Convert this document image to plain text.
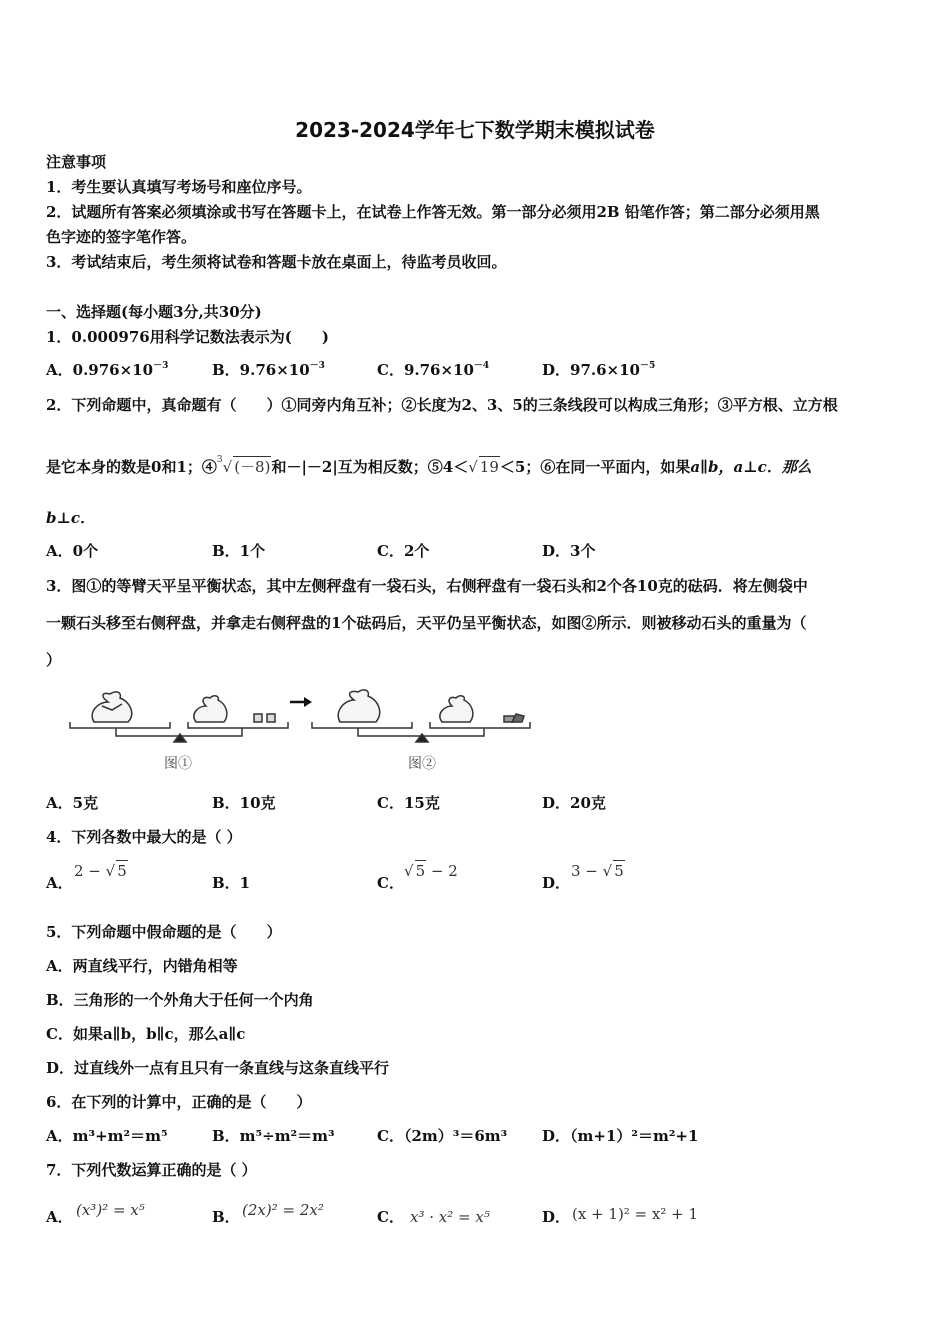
2023-2024学年七下数学期末模拟试卷
注意事项
1．考生要认真填写考场号和座位序号。
2．试题所有答案必须填涂或书写在答题卡上，在试卷上作答无效。第一部分必须用2B 铅笔作答；第二部分必须用黑
色字迹的签字笔作答。
3．考试结束后，考生须将试卷和答题卡放在桌面上，待监考员收回。
一、选择题(每小题3分,共30分)
1．0.000976用科学记数法表示为(　　)
A．$0.976\times 10^{-3}$	B．$9.76\times 10^{-3}$	C．$9.76\times 10^{-4}$	D．$97.6\times 10^{-5}$
2．下列命题中，真命题有（　　）①同旁内角互补；②长度为2、3、5的三条线段可以构成三角形；③平方根、立方根
是它本身的数是0和1；④$^3$√ (－8)和－|－2|互为相反数；⑤4＜√ 19＜5；⑥在同一平面内，如果a∥b，a⊥c．那么
b⊥c．
A．0个	B．1个	C．2个	D．3个
3．图①的等臂天平呈平衡状态，其中左侧秤盘有一袋石头，右侧秤盘有一袋石头和2个各10克的砝码．将左侧袋中
一颗石头移至右侧秤盘，并拿走右侧秤盘的1个砝码后，天平仍呈平衡状态，如图②所示．则被移动石头的重量为（
）
图①	图②
A．5克	B．10克	C．15克	D．20克
4．下列各数中最大的是（ ）
A．
2 − √ 5
B．1	C．
√ 5 − 2
D．
3 − √ 5
5．下列命题中假命题的是（　　）
A．两直线平行，内错角相等
B．三角形的一个外角大于任何一个内角
C．如果a∥b，b∥c，那么a∥c
D．过直线外一点有且只有一条直线与这条直线平行
6．在下列的计算中，正确的是（　　）
A．m³+m²＝m⁵	B．m⁵÷m²＝m³	C．（2m）³＝6m³ D．（m+1）²＝m²+1
7．下列代数运算正确的是（ ）
A． (x³)² = x⁵	B． (2x)² = 2x²	C． x³ · x² = x⁵	D． (x + 1)² = x² + 1
